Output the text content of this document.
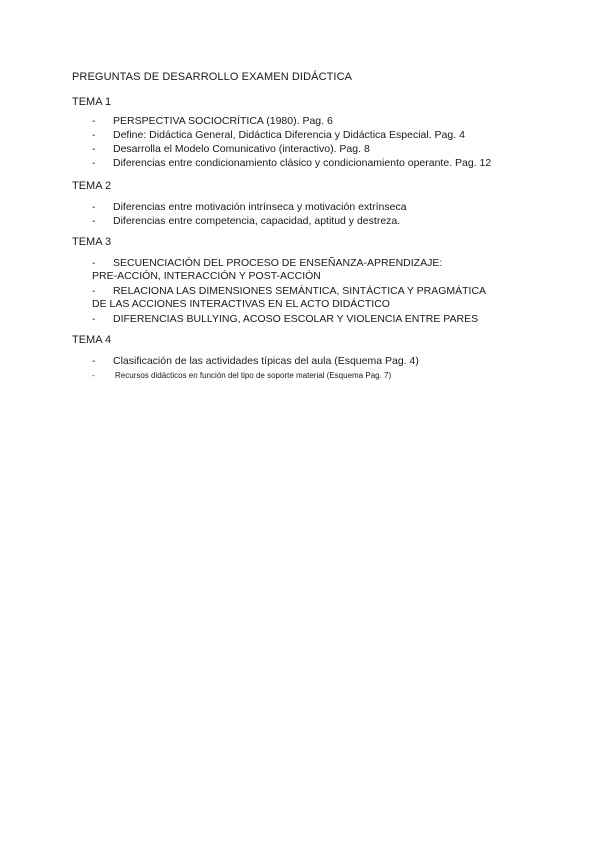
PREGUNTAS DE DESARROLLO EXAMEN DIDÁCTICA
TEMA 1
- PERSPECTIVA SOCIOCRÍTICA (1980). Pag. 6
- Define: Didáctica General, Didáctica Diferencia y Didáctica Especial. Pag. 4
- Desarrolla el Modelo Comunicativo (interactivo). Pag. 8
- Diferencias entre condicionamiento clásico y condicionamiento operante. Pag. 12
TEMA 2
- Diferencias entre motivación intrínseca y motivación extrínseca
- Diferencias entre competencia, capacidad, aptitud y destreza.
TEMA 3
- SECUENCIACIÓN DEL PROCESO DE ENSEÑANZA-APRENDIZAJE:
PRE-ACCIÓN, INTERACCIÓN Y POST-ACCIÓN
- RELACIONA LAS DIMENSIONES SEMÁNTICA, SINTÁCTICA Y PRAGMÁTICA
DE LAS ACCIONES INTERACTIVAS EN EL ACTO DIDÁCTICO
- DIFERENCIAS BULLYING, ACOSO ESCOLAR Y VIOLENCIA ENTRE PARES
TEMA 4
- Clasificación de las actividades típicas del aula (Esquema Pag. 4)
-	Recursos didácticos en función del tipo de soporte material (Esquema Pag. 7)
